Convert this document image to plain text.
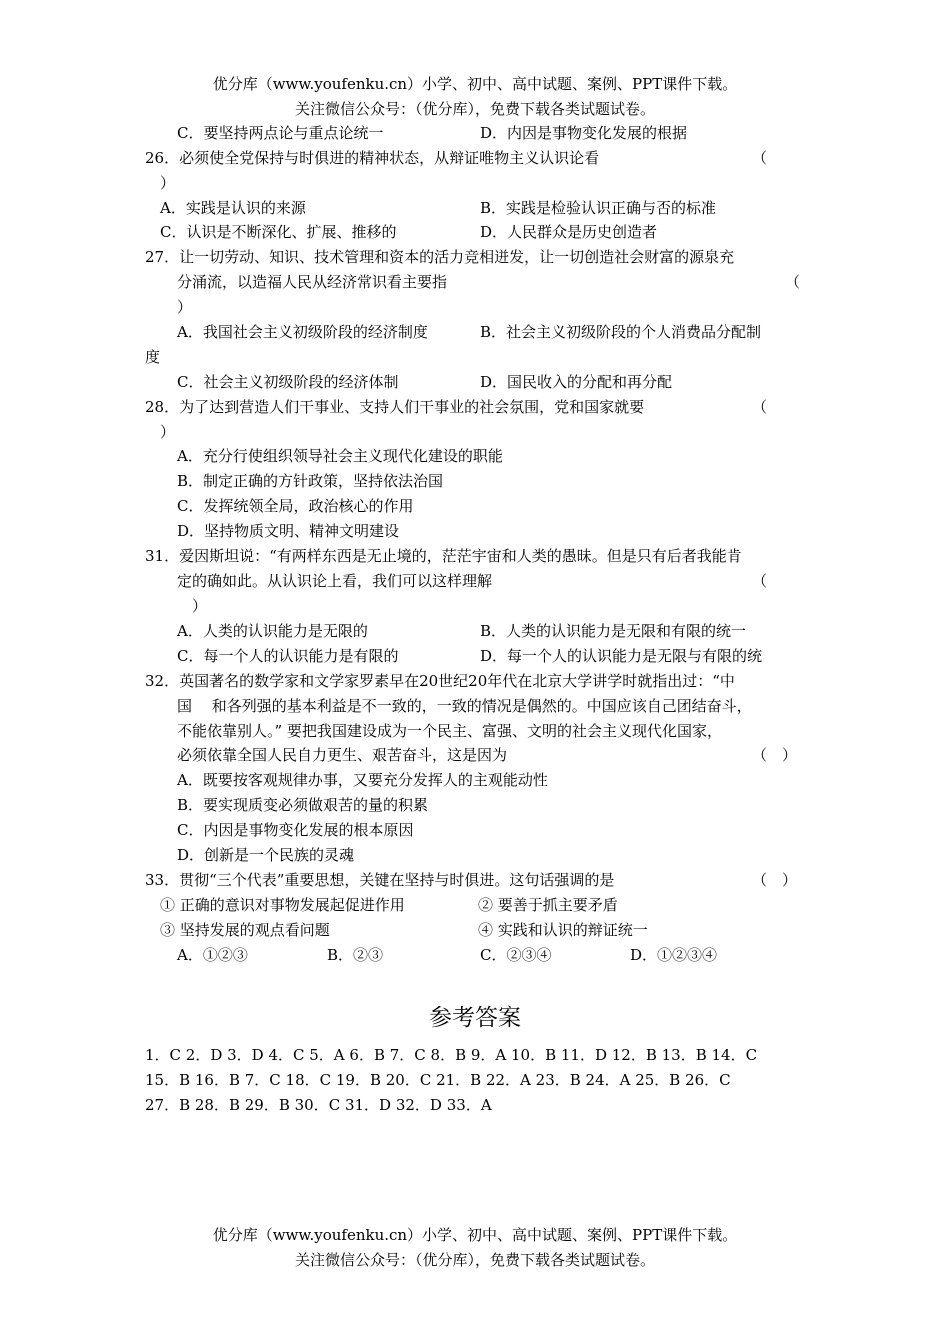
优分库（www.youfenku.cn）小学、初中、高中试题、案例、PPT课件下载。
关注微信公众号：（优分库），免费下载各类试题试卷。
C．要坚持两点论与重点论统一	D．内因是事物变化发展的根据
26．必须使全党保持与时俱进的精神状态，从辩证唯物主义认识论看	（
）
A．实践是认识的来源	B．实践是检验认识正确与否的标准
C．认识是不断深化、扩展、推移的	D．人民群众是历史创造者
27．让一切劳动、知识、技术管理和资本的活力竞相迸发，让一切创造社会财富的源泉充
分涌流，以造福人民从经济常识看主要指	（
）
A．我国社会主义初级阶段的经济制度	B．社会主义初级阶段的个人消费品分配制
度
C．社会主义初级阶段的经济体制	D．国民收入的分配和再分配
28．为了达到营造人们干事业、支持人们干事业的社会氛围，党和国家就要	（
）
A．充分行使组织领导社会主义现代化建设的职能
B．制定正确的方针政策，坚持依法治国
C．发挥统领全局，政治核心的作用
D．坚持物质文明、精神文明建设
31．爱因斯坦说：“有两样东西是无止境的，茫茫宇宙和人类的愚昧。但是只有后者我能肯
定的确如此。从认识论上看，我们可以这样理解	（
）
A．人类的认识能力是无限的	B．人类的认识能力是无限和有限的统一
C．每一个人的认识能力是有限的	D．每一个人的认识能力是无限与有限的统
32．英国著名的数学家和文学家罗素早在20世纪20年代在北京大学讲学时就指出过：“中
国　 和各列强的基本利益是不一致的，一致的情况是偶然的。中国应该自己团结奋斗，
不能依靠别人。” 要把我国建设成为一个民主、富强、文明的社会主义现代化国家，
必须依靠全国人民自力更生、艰苦奋斗，这是因为	（　）
A．既要按客观规律办事，又要充分发挥人的主观能动性
B．要实现质变必须做艰苦的量的积累
C．内因是事物变化发展的根本原因
D．创新是一个民族的灵魂
33．贯彻“三个代表”重要思想，关键在坚持与时俱进。这句话强调的是	（　）
① 正确的意识对事物发展起促进作用	② 要善于抓主要矛盾
③ 坚持发展的观点看问题	④ 实践和认识的辩证统一
A．①②③	B．②③	C．②③④	D．①②③④
参考答案
1．C 2．D 3．D 4．C 5．A 6．B 7．C 8．B 9．A 10．B 11．D 12．B 13．B 14．C
15．B 16．B 7．C 18．C 19．B 20．C 21．B 22．A 23．B 24．A 25．B 26．C
27．B 28．B 29．B 30．C 31．D 32．D 33．A
优分库（www.youfenku.cn）小学、初中、高中试题、案例、PPT课件下载。
关注微信公众号：（优分库），免费下载各类试题试卷。
